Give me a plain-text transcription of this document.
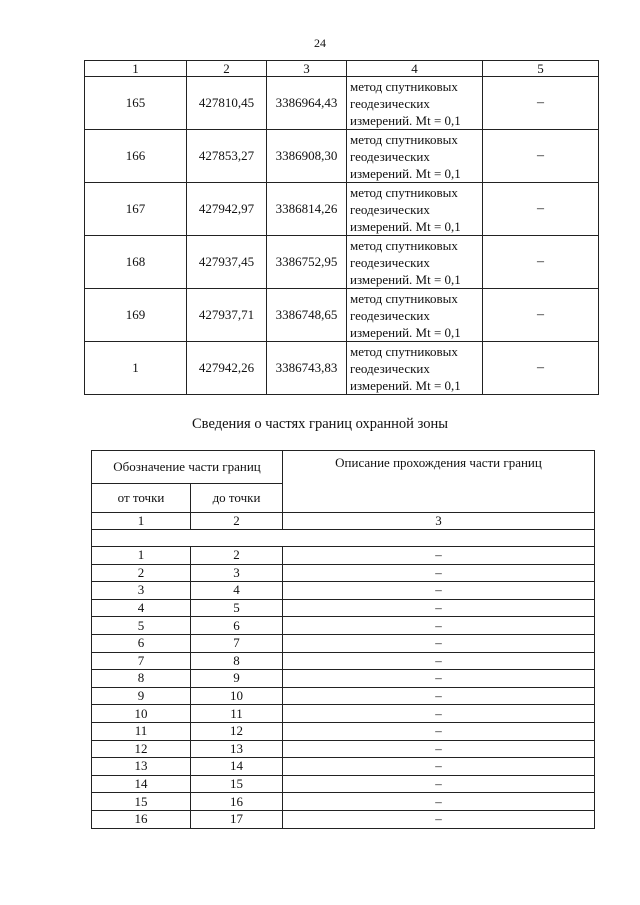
24
1	2	3	4	5
165	427810,45	3386964,43	метод спутниковых
геодезических
измерений. Mt = 0,1	–
166	427853,27	3386908,30	метод спутниковых
геодезических
измерений. Mt = 0,1	–
167	427942,97	3386814,26	метод спутниковых
геодезических
измерений. Mt = 0,1	–
168	427937,45	3386752,95	метод спутниковых
геодезических
измерений. Mt = 0,1	–
169	427937,71	3386748,65	метод спутниковых
геодезических
измерений. Mt = 0,1	–
1	427942,26	3386743,83	метод спутниковых
геодезических
измерений. Mt = 0,1	–
Сведения о частях границ охранной зоны
Обозначение части границ		Описание прохождения части границ
от точки	до точки	
1	2	3

1	2	–
2	3	–
3	4	–
4	5	–
5	6	–
6	7	–
7	8	–
8	9	–
9	10	–
10	11	–
11	12	–
12	13	–
13	14	–
14	15	–
15	16	–
16	17	–
